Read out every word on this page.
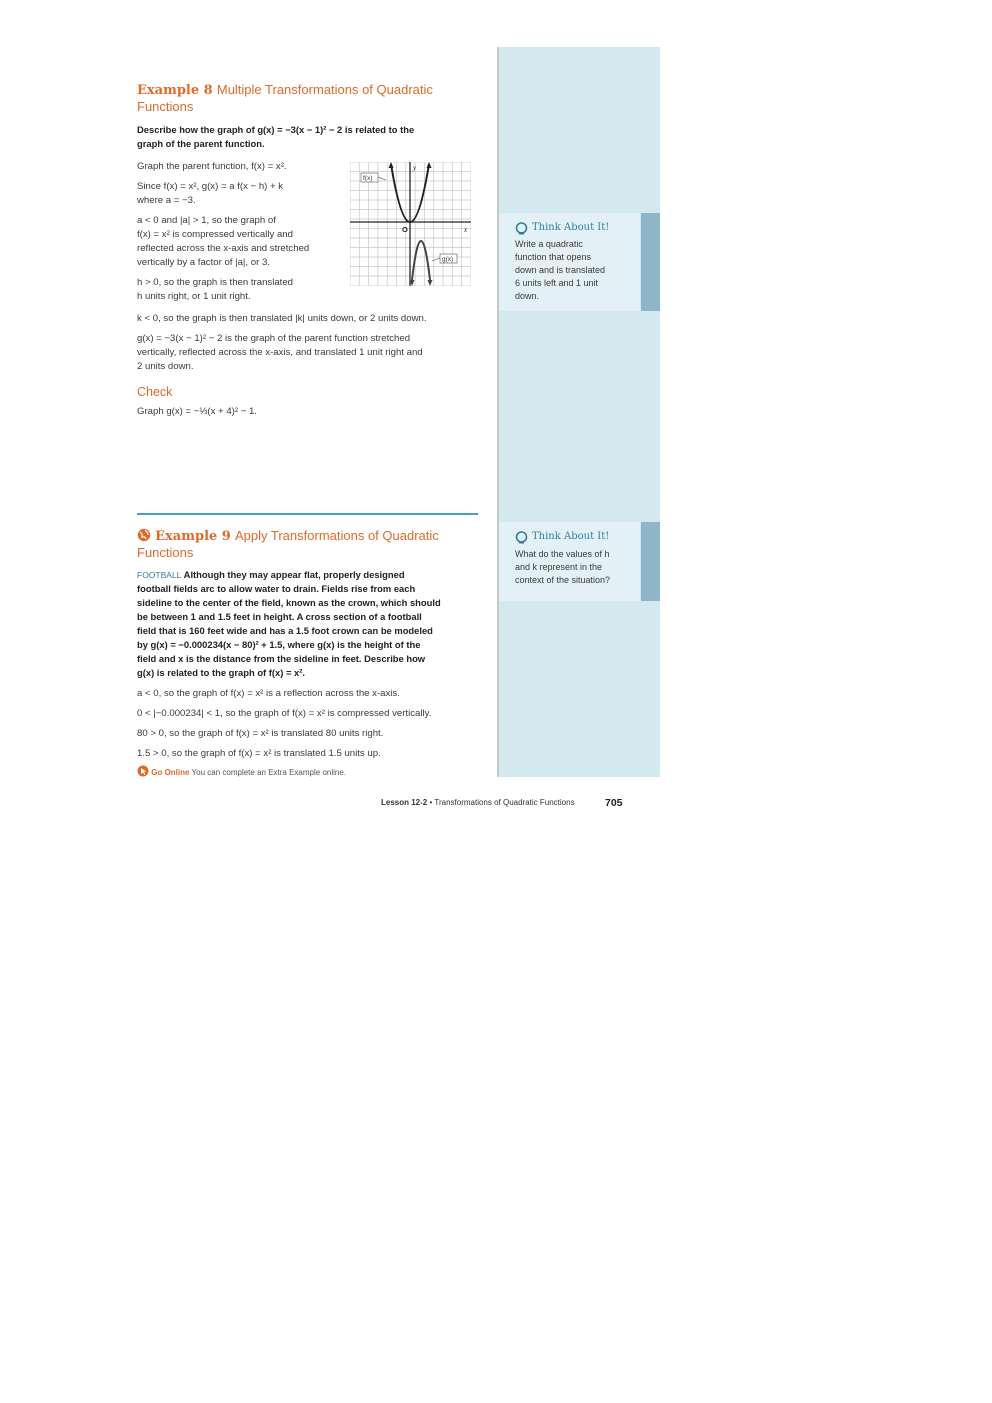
Think About It!
Write a quadratic
function that opens
down and is translated
6 units left and 1 unit
down.
Think About It!
What do the values of h
and k represent in the
context of the situation?
Example 8 Multiple Transformations of Quadratic
Functions
Describe how the graph of g(x) = −3(x − 1)² − 2 is related to the
graph of the parent function.
Graph the parent function, f(x) = x².
Since f(x) = x², g(x) = a f(x − h) + k
where a = −3.
a < 0 and |a| > 1, so the graph of
f(x) = x² is compressed vertically and
reflected across the x-axis and stretched
vertically by a factor of |a|, or 3.
h > 0, so the graph is then translated
h units right, or 1 unit right.
f(x)
g(x)
y
x
O
k < 0, so the graph is then translated |k| units down, or 2 units down.
g(x) = −3(x − 1)² − 2 is the graph of the parent function stretched
vertically, reflected across the x-axis, and translated 1 unit right and
2 units down.
Check
Graph g(x) = −⅓(x + 4)² − 1.
Example 9 Apply Transformations of Quadratic
Functions
FOOTBALL Although they may appear flat, properly designed
football fields arc to allow water to drain. Fields rise from each
sideline to the center of the field, known as the crown, which should
be between 1 and 1.5 feet in height. A cross section of a football
field that is 160 feet wide and has a 1.5 foot crown can be modeled
by g(x) = −0.000234(x − 80)² + 1.5, where g(x) is the height of the
field and x is the distance from the sideline in feet. Describe how
g(x) is related to the graph of f(x) = x².
a < 0, so the graph of f(x) = x² is a reflection across the x-axis.
0 < |−0.000234| < 1, so the graph of f(x) = x² is compressed vertically.
80 > 0, so the graph of f(x) = x² is translated 80 units right.
1.5 > 0, so the graph of f(x) = x² is translated 1.5 units up.
Go Online You can complete an Extra Example online.
Lesson 12-2 • Transformations of Quadratic Functions	705
